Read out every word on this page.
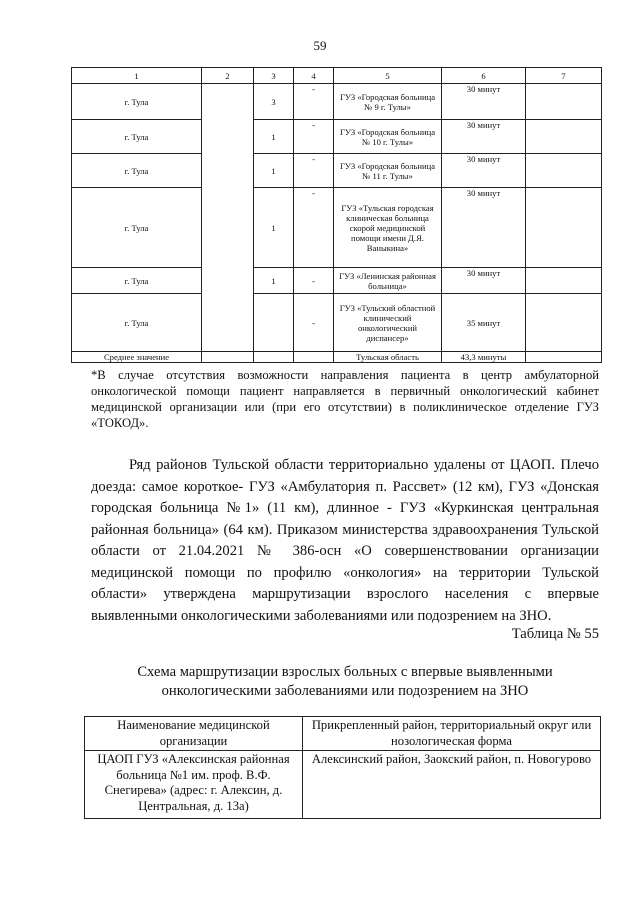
59
1	2	3	4	5	6	7
г. Тула		3	-	ГУЗ «Городская больница № 9 г. Тулы»	30 минут	
г. Тула		1	-	ГУЗ «Городская больница № 10 г. Тулы»	30 минут	
г. Тула		1	-	ГУЗ «Городская больница № 11 г. Тулы»	30 минут	
г. Тула		1	-	ГУЗ «Тульская городская клиническая больница скорой медицинской помощи имени Д.Я. Ваныкина»	30 минут	
г. Тула		1	-	ГУЗ «Ленинская районная больница»	30 минут	
г. Тула			-	ГУЗ «Тульский областной клинический онкологический диспансер»	35 минут	
Среднее значение				Тульская область	43,3 минуты	
*В случае отсутствия возможности направления пациента в центр амбулаторной онкологической помощи пациент направляется в первичный онкологический кабинет медицинской организации или (при его отсутствии) в поликлиническое отделение ГУЗ «ТОКОД».

Ряд районов Тульской области территориально удалены от ЦАОП. Плечо доезда: самое короткое- ГУЗ «Амбулатория п. Рассвет» (12 км), ГУЗ «Донская городская больница №1» (11 км), длинное - ГУЗ «Куркинская центральная районная больница» (64 км). Приказом министерства здравоохранения Тульской области от 21.04.2021 № 386-осн «О совершенствовании организации медицинской помощи по профилю «онкология» на территории Тульской области» утверждена маршрутизации взрослого населения с впервые выявленными онкологическими заболеваниями или подозрением на ЗНО.

Таблица № 55
Схема маршрутизации взрослых больных с впервые выявленными
онкологическими заболеваниями или подозрением на ЗНО
Наименование медицинской организации	Прикрепленный район, территориальный округ или нозологическая форма
ЦАОП ГУЗ «Алексинская районная больница №1 им. проф. В.Ф. Снегирева» (адрес: г. Алексин, д. Центральная, д. 13а)	Алексинский район, Заокский район, п. Новогурово
